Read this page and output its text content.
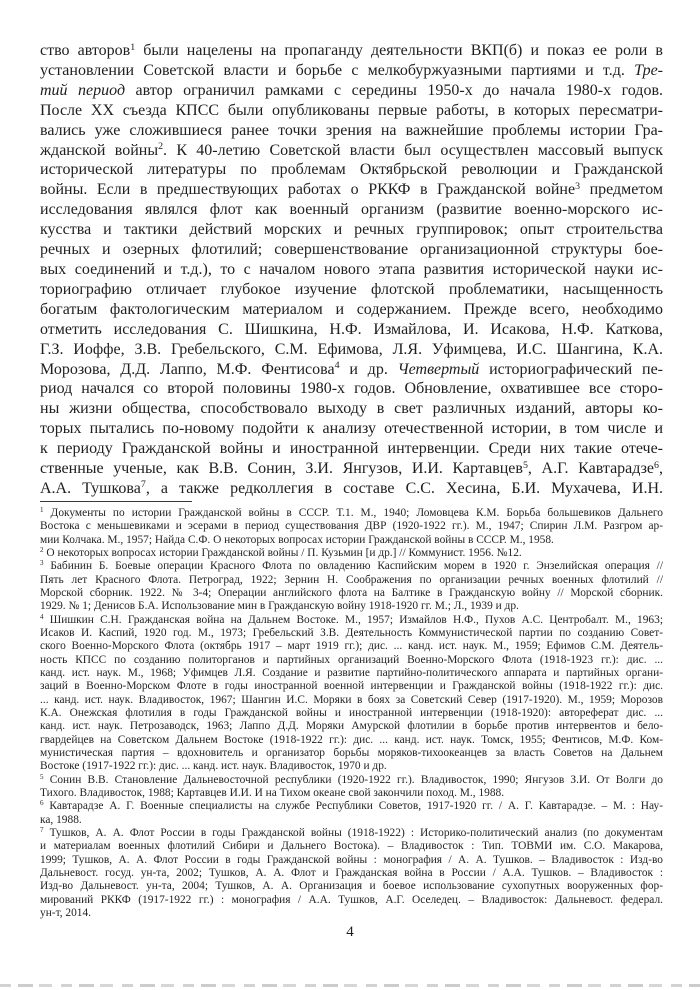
ство авторов$^1$ были нацелены на пропаганду деятельности ВКП(б) и показ ее роли в
установлении Советской власти и борьбе с мелкобуржуазными партиями и т.д. Тре-
тий период автор ограничил рамками с середины 1950-х до начала 1980-х годов.
После XX съезда КПСС были опубликованы первые работы, в которых пересматри-
вались уже сложившиеся ранее точки зрения на важнейшие проблемы истории Гра-
жданской войны$^2$. К 40-летию Советской власти был осуществлен массовый выпуск
исторической литературы по проблемам Октябрьской революции и Гражданской
войны. Если в предшествующих работах о РККФ в Гражданской войне$^3$ предметом
исследования являлся флот как военный организм (развитие военно-морского ис-
кусства и тактики действий морских и речных группировок; опыт строительства
речных и озерных флотилий; совершенствование организационной структуры бое-
вых соединений и т.д.), то с началом нового этапа развития исторической науки ис-
ториографию отличает глубокое изучение флотской проблематики, насыщенность
богатым фактологическим материалом и содержанием. Прежде всего, необходимо
отметить исследования С. Шишкина, Н.Ф. Измайлова, И. Исакова, Н.Ф. Каткова,
Г.З. Иоффе, З.В. Гребельского, С.М. Ефимова, Л.Я. Уфимцева, И.С. Шангина, К.А.
Морозова, Д.Д. Лаппо, М.Ф. Фентисова$^4$ и др. Четвертый историографический пе-
риод начался со второй половины 1980-х годов. Обновление, охватившее все сторо-
ны жизни общества, способствовало выходу в свет различных изданий, авторы ко-
торых пытались по-новому подойти к анализу отечественной истории, в том числе и
к периоду Гражданской войны и иностранной интервенции. Среди них такие отече-
ственные ученые, как В.В. Сонин, З.И. Янгузов, И.И. Картавцев$^5$, А.Г. Кавтарадзе$^6$,
А.А. Тушкова$^7$, а также редколлегия в составе С.С. Хесина, Б.И. Мухачева, И.Н.
$^1$ Документы по истории Гражданской войны в СССР. Т.1. М., 1940; Ломовцева К.М. Борьба большевиков Дальнего
Востока с меньшевиками и эсерами в период существования ДВР (1920-1922 гг.). М., 1947; Спирин Л.М. Разгром ар-
мии Колчака. М., 1957; Найда С.Ф. О некоторых вопросах истории Гражданской войны в СССР. М., 1958.
$^2$ О некоторых вопросах истории Гражданской войны / П. Кузьмин [и др.] // Коммунист. 1956. №12.
$^3$ Бабинин Б. Боевые операции Красного Флота по овладению Каспийским морем в 1920 г. Энзелийская операция //
Пять лет Красного Флота. Петроград, 1922; Зернин Н. Соображения по организации речных военных флотилий //
Морской сборник. 1922. № 3-4; Операции английского флота на Балтике в Гражданскую войну // Морской сборник.
1929. № 1; Денисов Б.А. Использование мин в Гражданскую войну 1918-1920 гг. М.; Л., 1939 и др.
$^4$ Шишкин С.Н. Гражданская война на Дальнем Востоке. М., 1957; Измайлов Н.Ф., Пухов А.С. Центробалт. М., 1963;
Исаков И. Каспий, 1920 год. М., 1973; Гребельский З.В. Деятельность Коммунистической партии по созданию Совет-
ского Военно-Морского Флота (октябрь 1917 – март 1919 гг.); дис. ... канд. ист. наук. М., 1959; Ефимов С.М. Деятель-
ность КПСС по созданию политорганов и партийных организаций Военно-Морского Флота (1918-1923 гг.): дис. ...
канд. ист. наук. М., 1968; Уфимцев Л.Я. Создание и развитие партийно-политического аппарата и партийных органи-
заций в Военно-Морском Флоте в годы иностранной военной интервенции и Гражданской войны (1918-1922 гг.): дис.
... канд. ист. наук. Владивосток, 1967; Шангин И.С. Моряки в боях за Советский Север (1917-1920). М., 1959; Морозов
К.А. Онежская флотилия в годы Гражданской войны и иностранной интервенции (1918-1920): автореферат дис. ...
канд. ист. наук. Петрозаводск, 1963; Лаппо Д.Д. Моряки Амурской флотилии в борьбе против интервентов и бело-
гвардейцев на Советском Дальнем Востоке (1918-1922 гг.): дис. ... канд. ист. наук. Томск, 1955; Фентисов, М.Ф. Ком-
мунистическая партия – вдохновитель и организатор борьбы моряков-тихоокеанцев за власть Советов на Дальнем
Востоке (1917-1922 гг.): дис. ... канд. ист. наук. Владивосток, 1970 и др.
$^5$ Сонин В.В. Становление Дальневосточной республики (1920-1922 гг.). Владивосток, 1990; Янгузов З.И. От Волги до
Тихого. Владивосток, 1988; Картавцев И.И. И на Тихом океане свой закончили поход. М., 1988.
$^6$ Кавтарадзе А. Г. Военные специалисты на службе Республики Советов, 1917-1920 гг. / А. Г. Кавтарадзе. – М. : Нау-
ка, 1988.
$^7$ Тушков, А. А. Флот России в годы Гражданской войны (1918-1922) : Историко-политический анализ (по документам
и материалам военных флотилий Сибири и Дальнего Востока). – Владивосток : Тип. ТОВМИ им. С.О. Макарова,
1999; Тушков, А. А. Флот России в годы Гражданской войны : монография / А. А. Тушков. – Владивосток : Изд-во
Дальневост. госуд. ун-та, 2002; Тушков, А. А. Флот и Гражданская война в России / А.А. Тушков. – Владивосток :
Изд-во Дальневост. ун-та, 2004; Тушков, А. А. Организация и боевое использование сухопутных вооруженных фор-
мирований РККФ (1917-1922 гг.) : монография / А.А. Тушков, А.Г. Оселедец. – Владивосток: Дальневост. федерал.
ун-т, 2014.
4
